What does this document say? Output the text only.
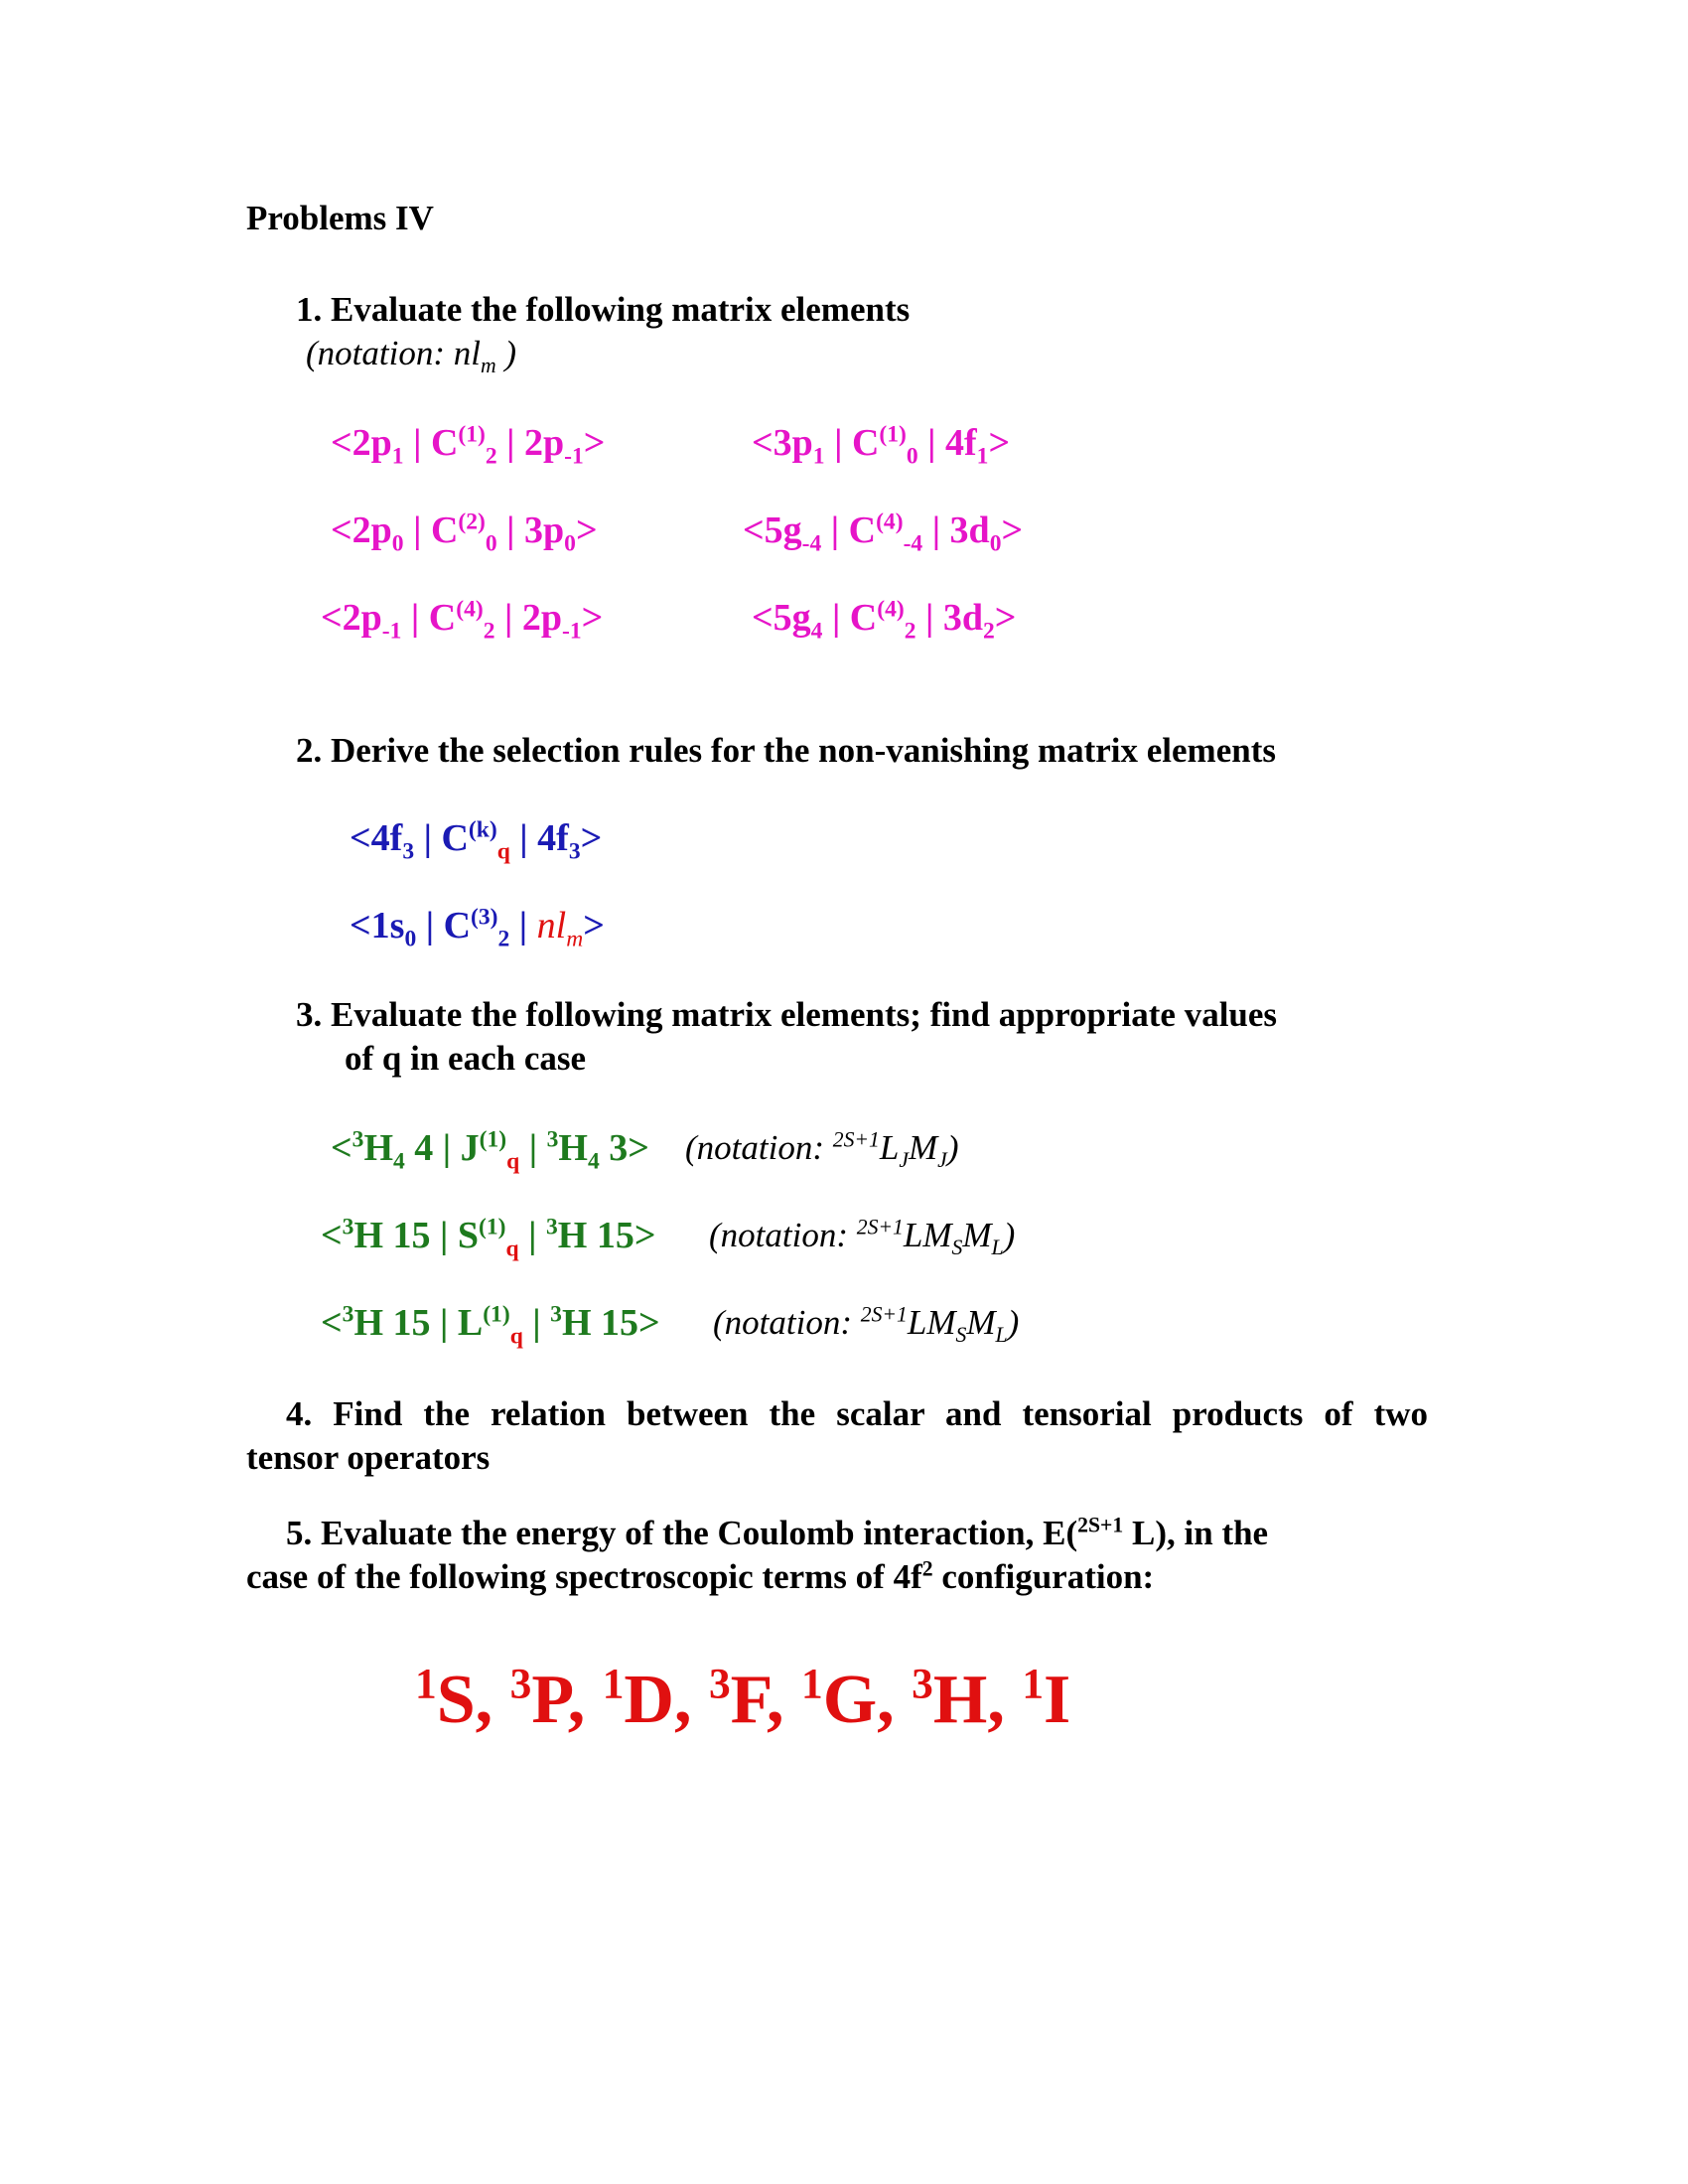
Problems IV
1. Evaluate the following matrix elements
(notation: $nl_m$ )
$<2p_1$ | $C^{(1)}_2$ | $2p_{-1}>$	$<3p_1$ | $C^{(1)}_0$ | $4f_1>$
$<2p_0$ | $C^{(2)}_0$ | $3p_0>$	$<5g_{-4}$ | $C^{(4)}_{-4}$ | $3d_0>$
$<2p_{-1}$ | $C^{(4)}_2$ | $2p_{-1}>$	$<5g_4$ | $C^{(4)}_2$ | $3d_2>$
2. Derive the selection rules for the non-vanishing matrix elements
$<4f_3$ | $C^{(k)}_q$ | $4f_3>$
$<1s_0$ | $C^{(3)}_2$ | $nl_m>$
3. Evaluate the following matrix elements; find appropriate values
of q in each case
$<^3H_4$ 4 | $J^{(1)}_q$ | $^3H_4$ 3> (notation: $^{2S+1}L_JM_J$)
<$^3$H 15 | $S^{(1)}_q$ | $^3$H 15> (notation: $^{2S+1}LM_SM_L$)
<$^3$H 15 | $L^{(1)}_q$ | $^3$H 15> (notation: $^{2S+1}LM_SM_L$)
4. Find the relation between the scalar and tensorial products of two
tensor operators
5. Evaluate the energy of the Coulomb interaction, E($^{2S+1}$ L), in the
case of the following spectroscopic terms of $4f^2$ configuration:
$^1$S, $^3$P, $^1$D, $^3$F, $^1$G, $^3$H, $^1$I
